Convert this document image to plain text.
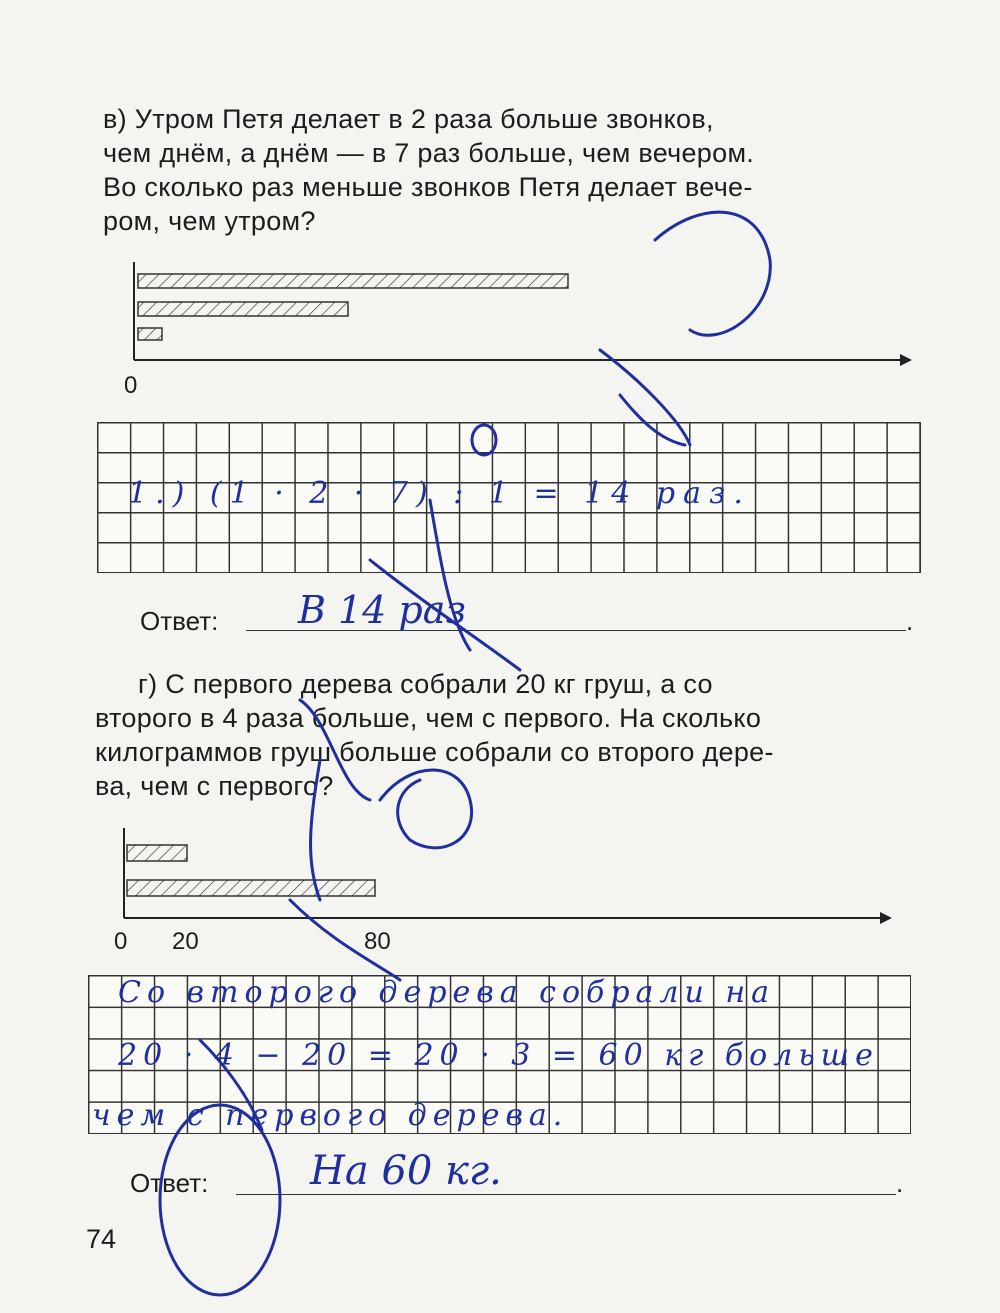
в) Утром Петя делает в 2 раза больше звонков,
чем днём, а днём — в 7 раз больше, чем вечером.
Во сколько раз меньше звонков Петя делает вече-
ром, чем утром?
0
1.) (1 · 2 · 7) : 1 = 14 раз.
Ответ:	.
В 14 раз
г) С первого дерева собрали 20 кг груш, а со
второго в 4 раза больше, чем с первого. На сколько
килограммов груш больше собрали со второго дере-
ва, чем с первого?
0 20	80
Со второго дерева собрали на
20 · 4 − 20 = 20 · 3 = 60 кг больше
чем с первого дерева.
Ответ:	.
На 60 кг.
74
